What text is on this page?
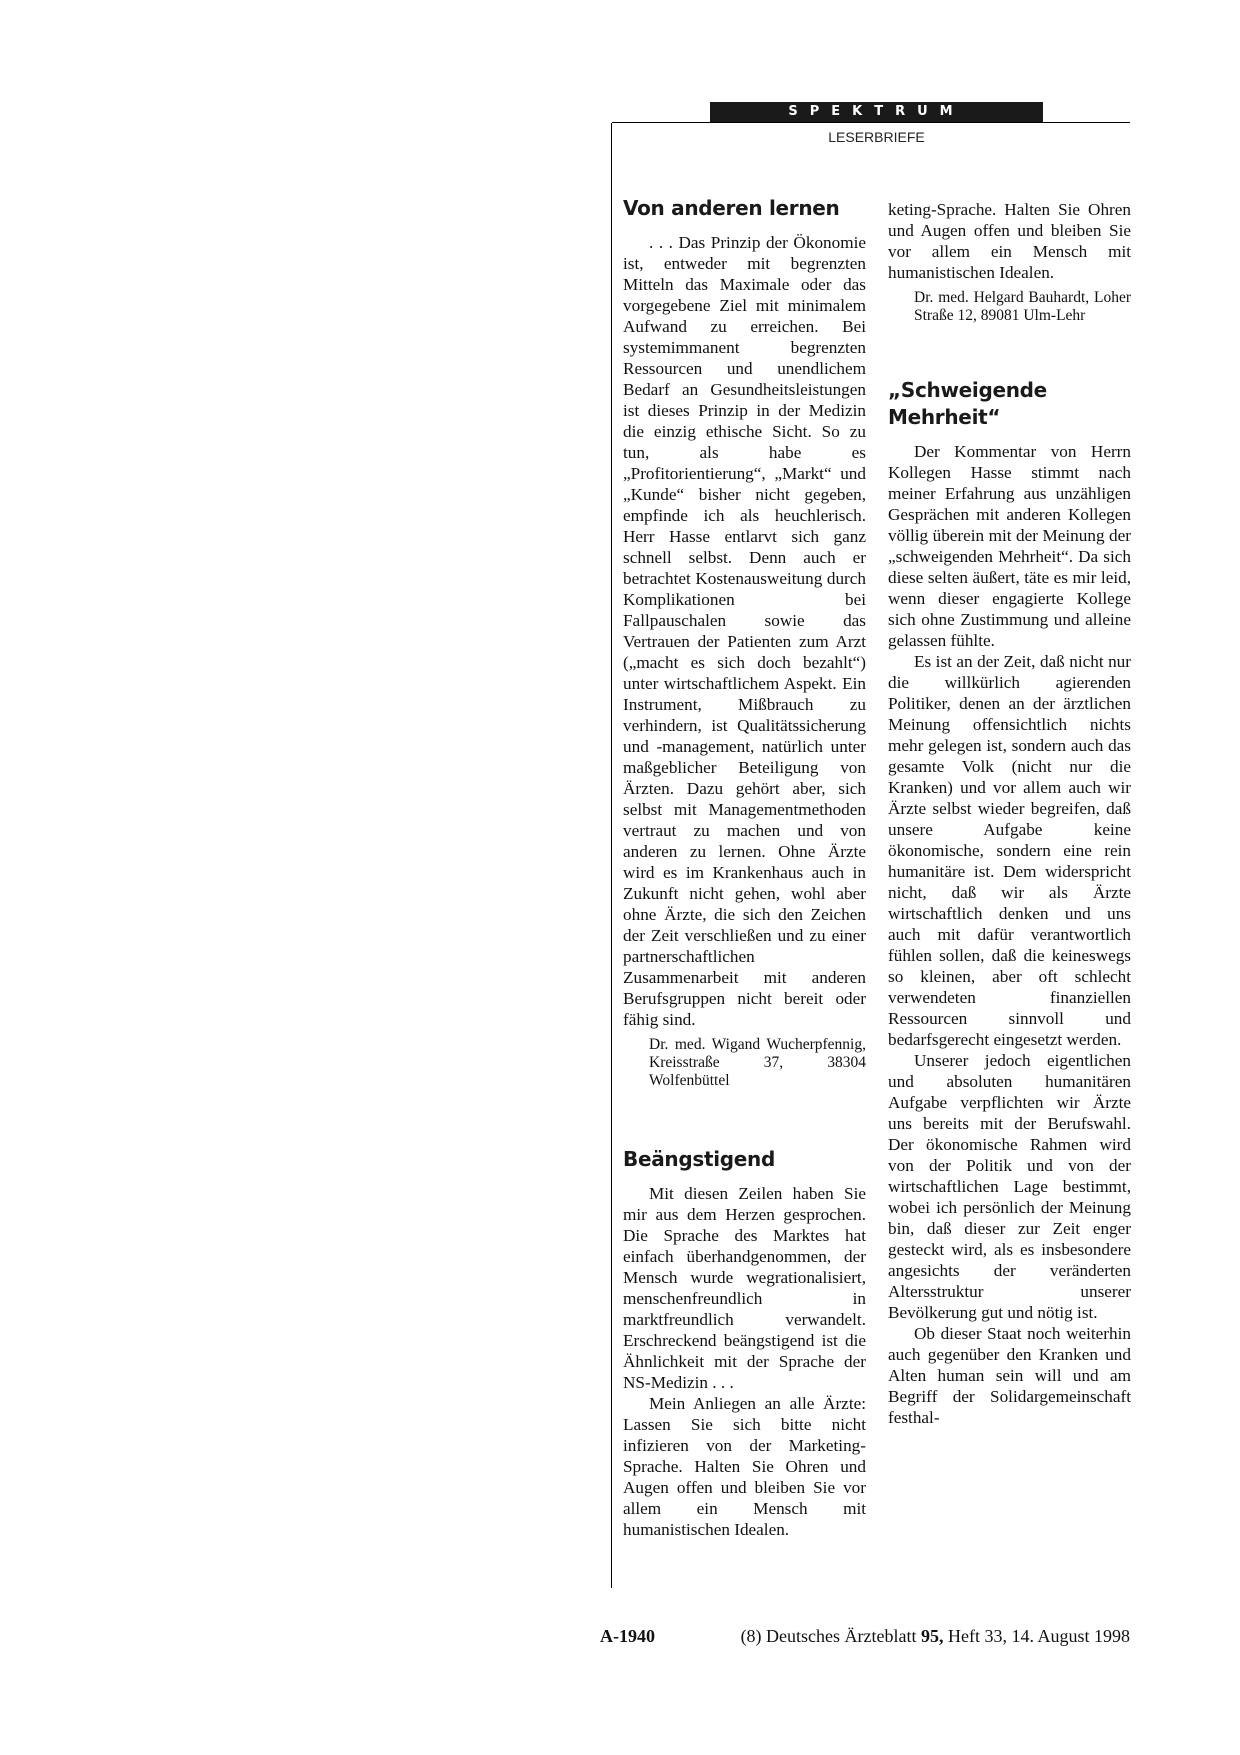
SPEKTRUM
LESERBRIEFE
Von anderen lernen

. . . Das Prinzip der Ökonomie ist, entweder mit begrenzten Mitteln das Maximale oder das vorgegebene Ziel mit minimalem Aufwand zu erreichen. Bei systemimmanent begrenzten Ressourcen und unendlichem Bedarf an Gesundheitsleistungen ist dieses Prinzip in der Medizin die einzig ethische Sicht. So zu tun, als habe es „Profitorientierung“, „Markt“ und „Kunde“ bisher nicht gegeben, empfinde ich als heuchlerisch. Herr Hasse entlarvt sich ganz schnell selbst. Denn auch er betrachtet Kostenausweitung durch Komplikationen bei Fallpauschalen sowie das Vertrauen der Patienten zum Arzt („macht es sich doch bezahlt“) unter wirtschaftlichem Aspekt. Ein Instrument, Mißbrauch zu verhindern, ist Qualitätssicherung und -management, natürlich unter maßgeblicher Beteiligung von Ärzten. Dazu gehört aber, sich selbst mit Managementmethoden vertraut zu machen und von anderen zu lernen. Ohne Ärzte wird es im Krankenhaus auch in Zukunft nicht gehen, wohl aber ohne Ärzte, die sich den Zeichen der Zeit verschließen und zu einer partnerschaftlichen Zusammenarbeit mit anderen Berufsgruppen nicht bereit oder fähig sind.

Dr. med. Wigand Wucherpfennig, Kreisstraße 37, 38304 Wolfenbüttel
Beängstigend

Mit diesen Zeilen haben Sie mir aus dem Herzen gesprochen. Die Sprache des Marktes hat einfach überhandgenommen, der Mensch wurde wegrationalisiert, menschenfreundlich in marktfreundlich verwandelt. Erschreckend beängstigend ist die Ähnlichkeit mit der Sprache der NS-Medizin . . .

Mein Anliegen an alle Ärzte: Lassen Sie sich bitte nicht infizieren von der Marketing-Sprache. Halten Sie Ohren und Augen offen und bleiben Sie vor allem ein Mensch mit humanistischen Idealen.

keting-Sprache. Halten Sie Ohren und Augen offen und bleiben Sie vor allem ein Mensch mit humanistischen Idealen.
Dr. med. Helgard Bauhardt, Loher Straße 12, 89081 Ulm-Lehr
„Schweigende Mehrheit“

Der Kommentar von Herrn Kollegen Hasse stimmt nach meiner Erfahrung aus unzähligen Gesprächen mit anderen Kollegen völlig überein mit der Meinung der „schweigenden Mehrheit“. Da sich diese selten äußert, täte es mir leid, wenn dieser engagierte Kollege sich ohne Zustimmung und alleine gelassen fühlte.

Es ist an der Zeit, daß nicht nur die willkürlich agierenden Politiker, denen an der ärztlichen Meinung offensichtlich nichts mehr gelegen ist, sondern auch das gesamte Volk (nicht nur die Kranken) und vor allem auch wir Ärzte selbst wieder begreifen, daß unsere Aufgabe keine ökonomische, sondern eine rein humanitäre ist. Dem widerspricht nicht, daß wir als Ärzte wirtschaftlich denken und uns auch mit dafür verantwortlich fühlen sollen, daß die keineswegs so kleinen, aber oft schlecht verwendeten finanziellen Ressourcen sinnvoll und bedarfsgerecht eingesetzt werden.

Unserer jedoch eigentlichen und absoluten humanitären Aufgabe verpflichten wir Ärzte uns bereits mit der Berufswahl. Der ökonomische Rahmen wird von der Politik und von der wirtschaftlichen Lage bestimmt, wobei ich persönlich der Meinung bin, daß dieser zur Zeit enger gesteckt wird, als es insbesondere angesichts der veränderten Altersstruktur unserer Bevölkerung gut und nötig ist.

Ob dieser Staat noch weiterhin auch gegenüber den Kranken und Alten human sein will und am Begriff der Solidargemeinschaft festhal-

A-1940	(8) Deutsches Ärzteblatt 95, Heft 33, 14. August 1998
